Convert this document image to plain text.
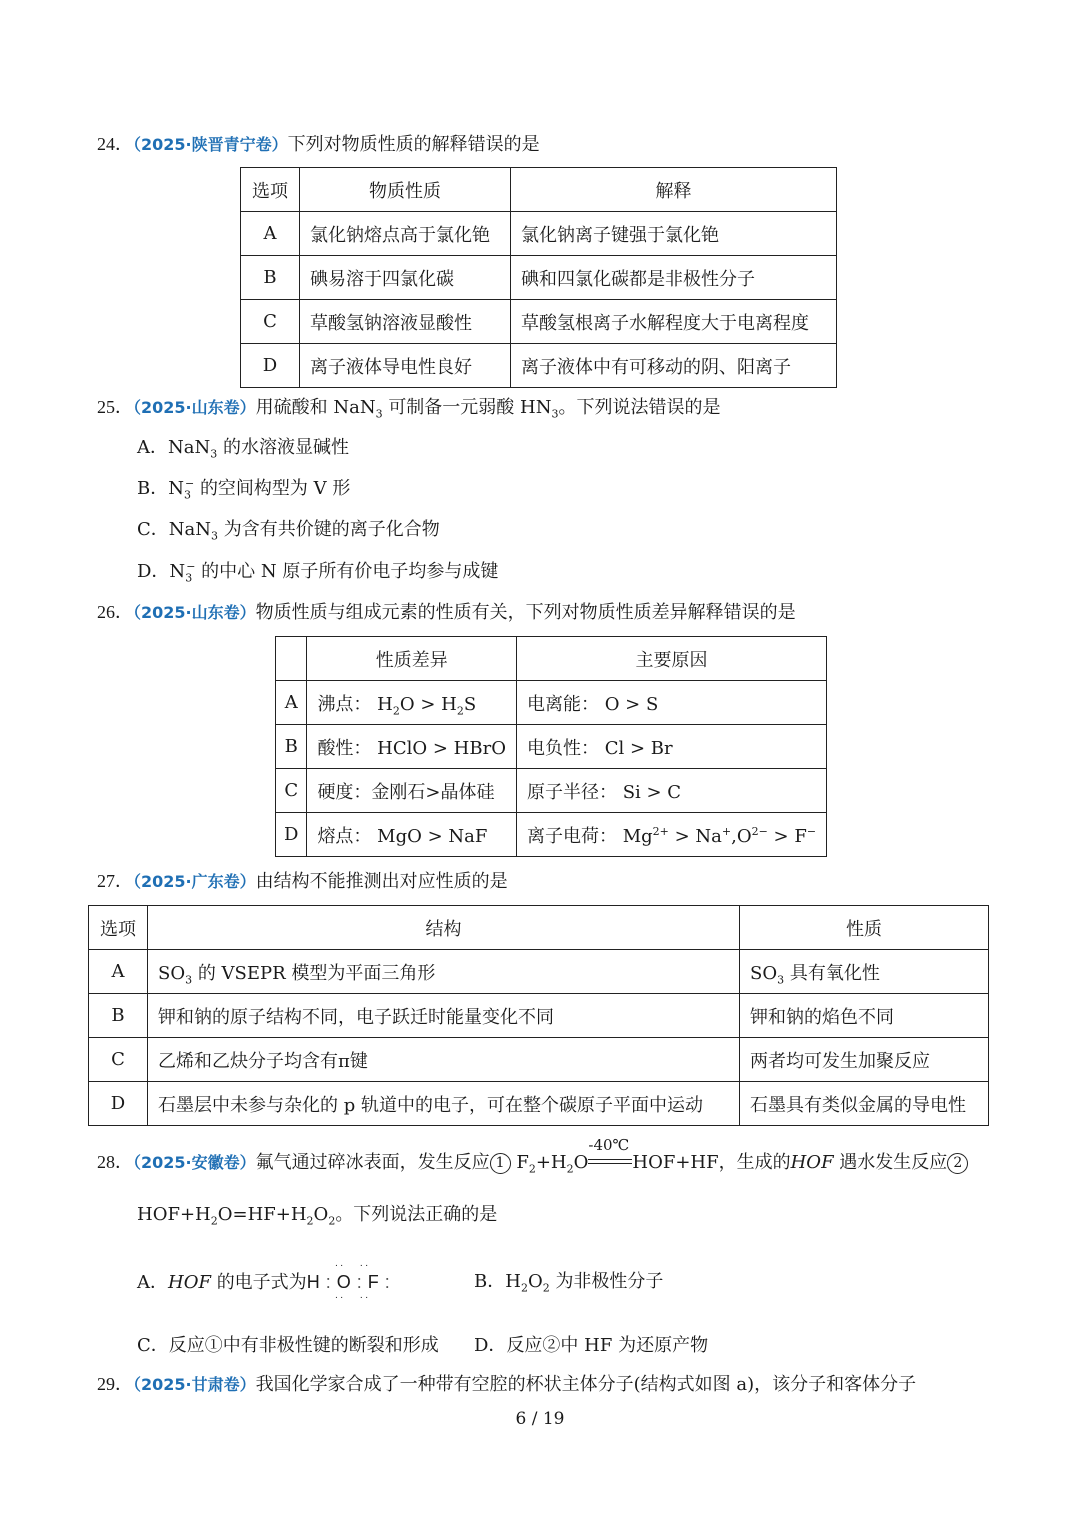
24．（2025·陕晋青宁卷）下列对物质性质的解释错误的是
选项	物质性质	解释
A	氯化钠熔点高于氯化铯	氯化钠离子键强于氯化铯
B	碘易溶于四氯化碳	碘和四氯化碳都是非极性分子
C	草酸氢钠溶液显酸性	草酸氢根离子水解程度大于电离程度
D	离子液体导电性良好	离子液体中有可移动的阴、阳离子
25．（2025·山东卷）用硫酸和 NaN$_3$ 可制备一元弱酸 $HN_3$。下列说法错误的是
A．NaN$_3$ 的水溶液显碱性
B．$N_3^-$ 的空间构型为 V 形
C．NaN$_3$ 为含有共价键的离子化合物
D．$N_3^-$ 的中心 N 原子所有价电子均参与成键
26．（2025·山东卷）物质性质与组成元素的性质有关，下列对物质性质差异解释错误的是
	性质差异	主要原因
A	沸点： $H_2O > H_2S$	电离能： O > S
B	酸性： HClO > HBrO	电负性： Cl > Br
C	硬度：金刚石>晶体硅	原子半径： Si > C
D	熔点： MgO > NaF	离子电荷： $Mg^{2+} > Na^+,O^{2-} > F^-$
27．（2025·广东卷）由结构不能推测出对应性质的是
选项	结构	性质
A	$SO_3$ 的 VSEPR 模型为平面三角形	$SO_3$ 具有氧化性
B	钾和钠的原子结构不同，电子跃迁时能量变化不同	钾和钠的焰色不同
C	乙烯和乙炔分子均含有π键	两者均可发生加聚反应
D	石墨层中未参与杂化的 p 轨道中的电子，可在整个碳原子平面中运动	石墨具有类似金属的导电性
28．（2025·安徽卷）氟气通过碎冰表面，发生反应 1 $F_2+H_2O$
-40℃
HOF+HF，生成的HOF 遇水发生反应 2
$HOF+H_2O=HF+H_2O_2$。下列说法正确的是
A．HOF 的电子式为H:O:F:
··   ··
··   ··
B．$H_2O_2$ 为非极性分子
C．反应①中有非极性键的断裂和形成 D．反应②中 HF 为还原产物
29．（2025·甘肃卷）我国化学家合成了一种带有空腔的杯状主体分子(结构式如图 a)，该分子和客体分子
6 / 19
